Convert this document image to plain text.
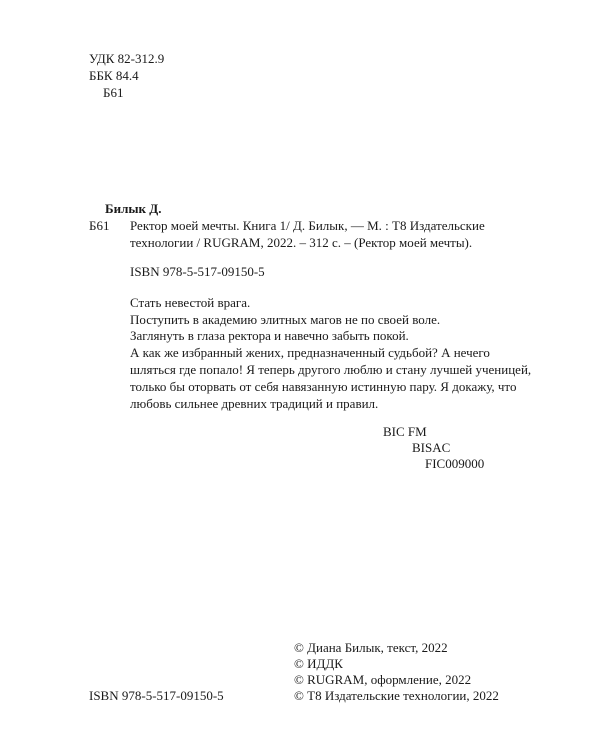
УДК 82-312.9
ББК 84.4
Б61
Билык Д.
Б61 Ректор моей мечты. Книга 1/ Д. Билык, — М. : Т8 Издательские
технологии / RUGRAM, 2022. – 312 с. – (Ректор моей мечты).
ISBN 978-5-517-09150-5
Стать невестой врага.
Поступить в академию элитных магов не по своей воле.
Заглянуть в глаза ректора и навечно забыть покой.
А как же избранный жених, предназначенный судьбой? А нечего
шляться где попало! Я теперь другого люблю и стану лучшей ученицей,
только бы оторвать от себя навязанную истинную пару. Я докажу, что
любовь сильнее древних традиций и правил.
BIC FM
BISAC
FIC009000
© Диана Билык, текст, 2022
© ИДДК
© RUGRAM, оформление, 2022
© Т8 Издательские технологии, 2022
ISBN 978-5-517-09150-5
